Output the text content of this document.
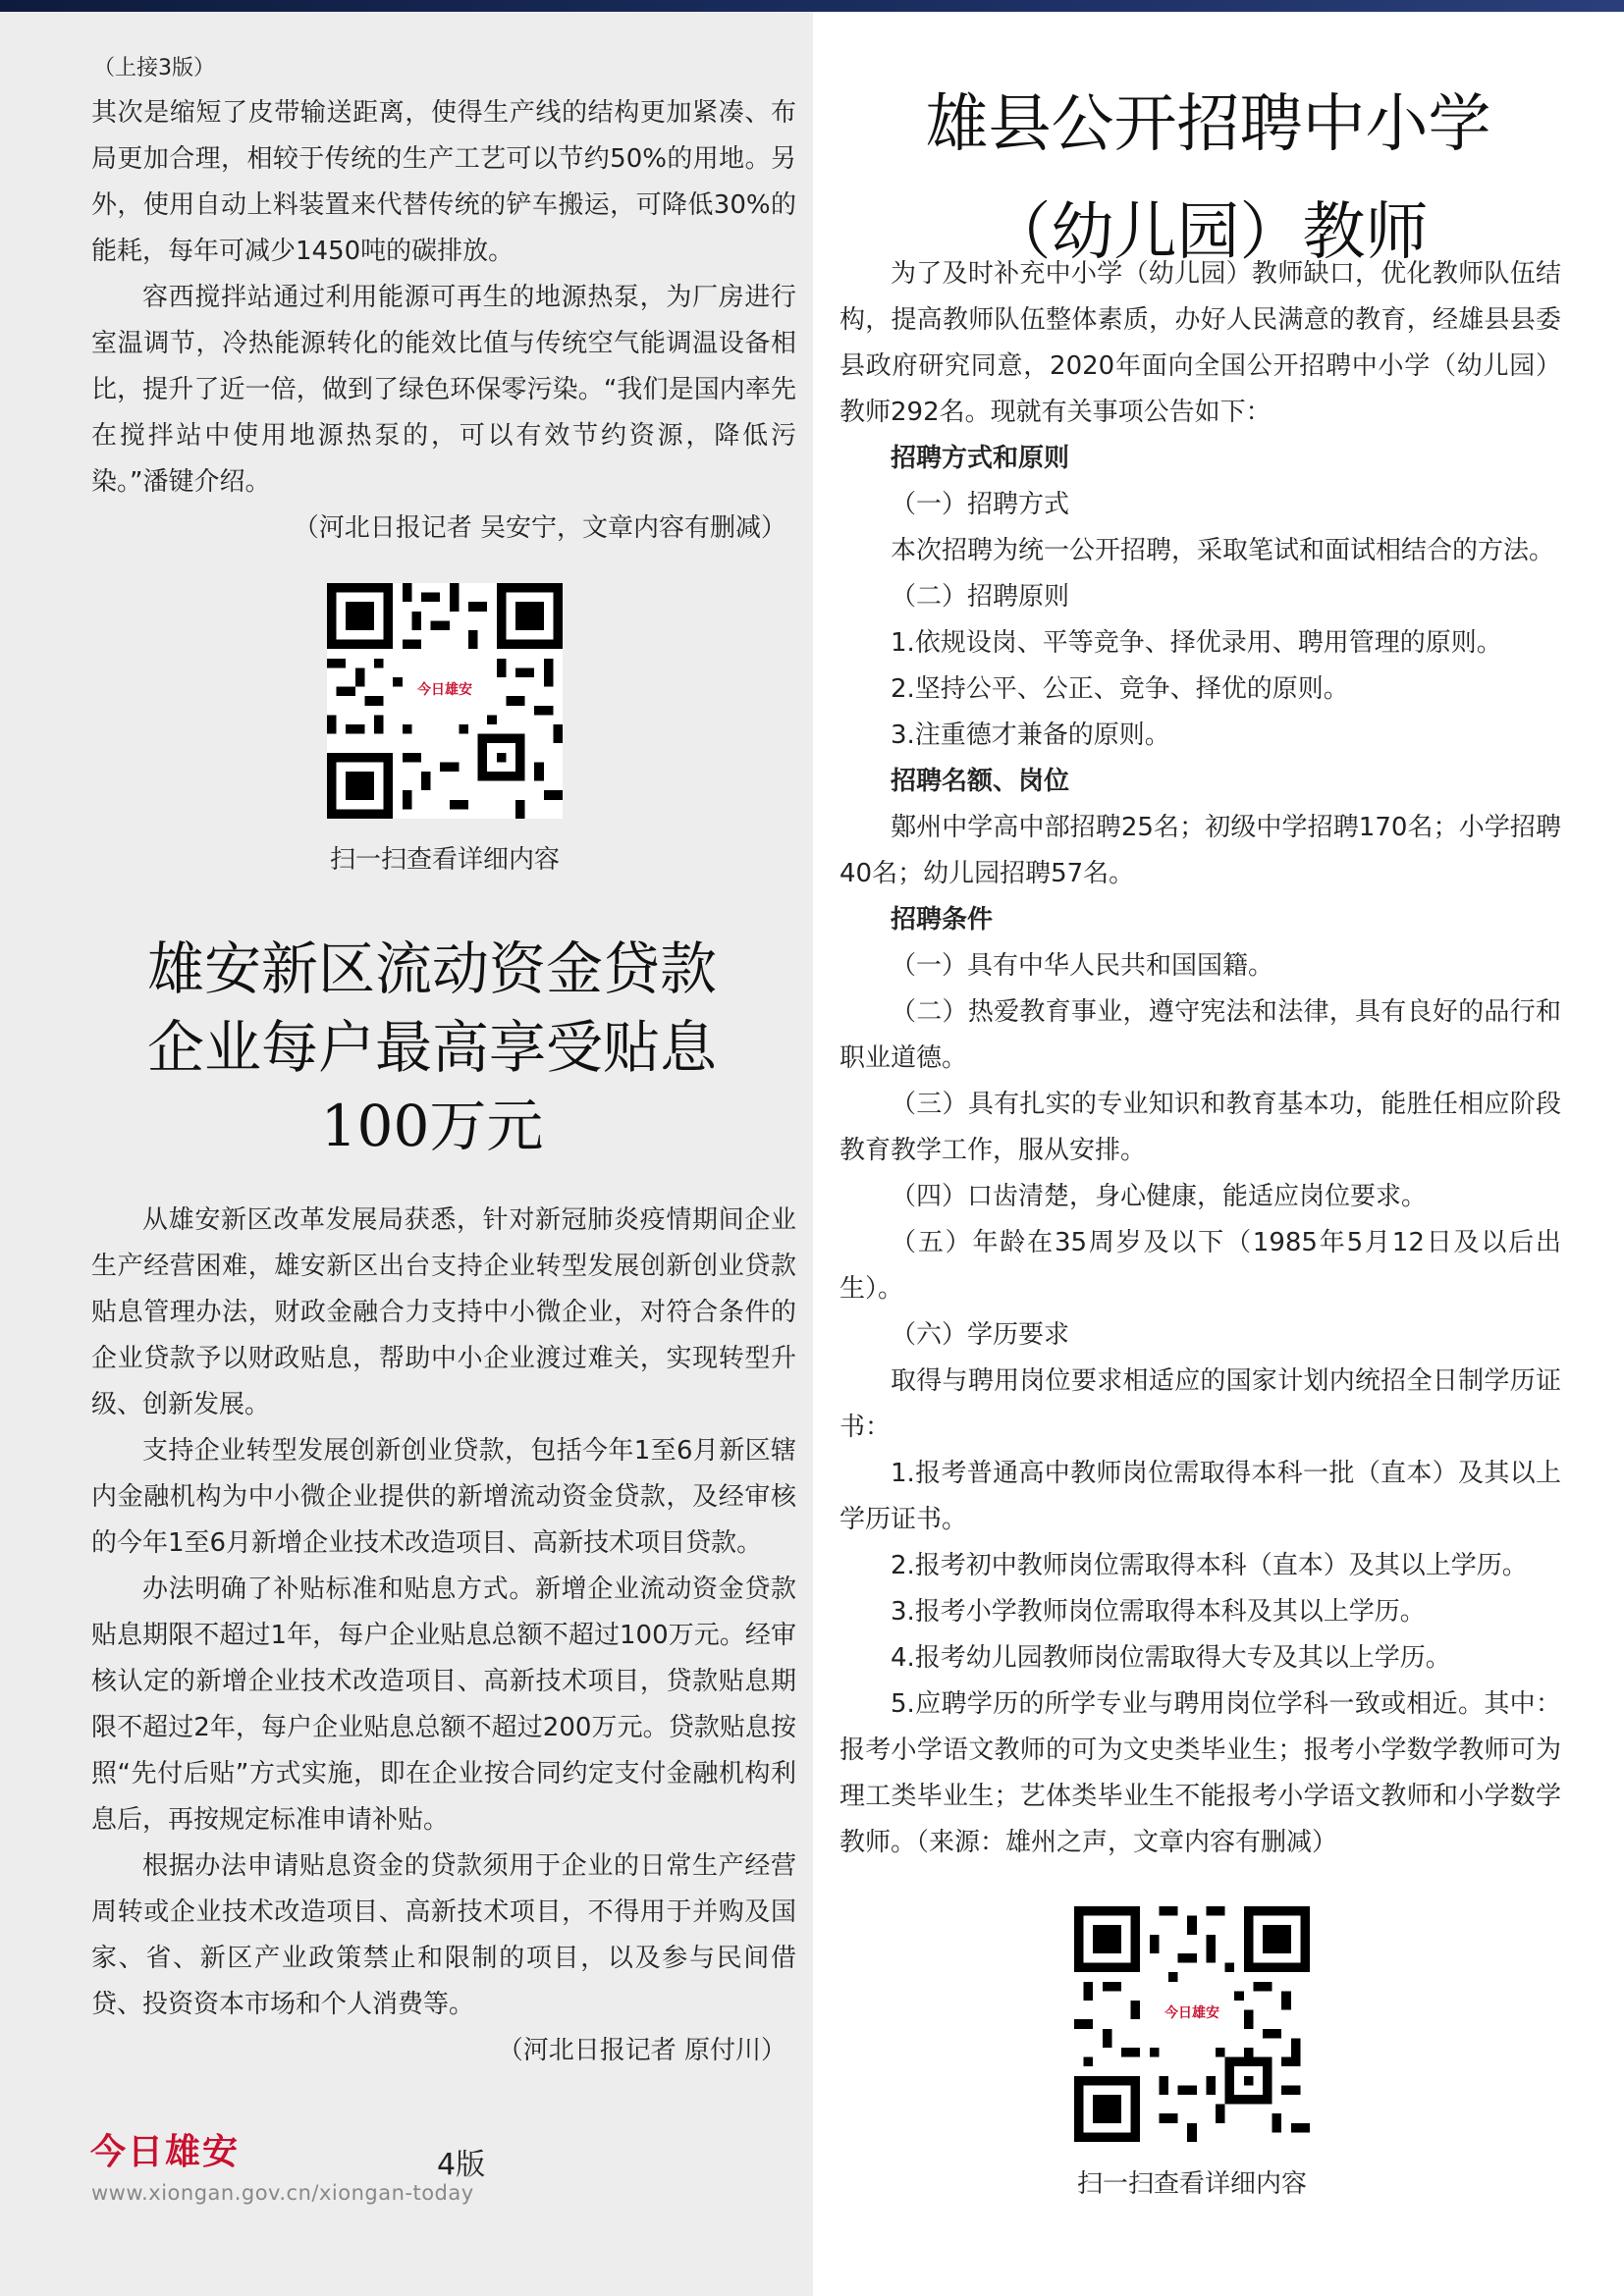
（上接3版）

其次是缩短了皮带输送距离，使得生产线的结构更加紧凑、布局更加合理，相较于传统的生产工艺可以节约50%的用地。另外，使用自动上料装置来代替传统的铲车搬运，可降低30%的能耗，每年可减少1450吨的碳排放。

容西搅拌站通过利用能源可再生的地源热泵，为厂房进行室温调节，冷热能源转化的能效比值与传统空气能调温设备相比，提升了近一倍，做到了绿色环保零污染。“我们是国内率先在搅拌站中使用地源热泵的，可以有效节约资源，降低污染。”潘键介绍。

（河北日报记者 吴安宁，文章内容有删减）

今日雄安

扫一扫查看详细内容

雄安新区流动资金贷款
企业每户最高享受贴息
100万元

从雄安新区改革发展局获悉，针对新冠肺炎疫情期间企业生产经营困难，雄安新区出台支持企业转型发展创新创业贷款贴息管理办法，财政金融合力支持中小微企业，对符合条件的企业贷款予以财政贴息，帮助中小企业渡过难关，实现转型升级、创新发展。

支持企业转型发展创新创业贷款，包括今年1至6月新区辖内金融机构为中小微企业提供的新增流动资金贷款，及经审核的今年1至6月新增企业技术改造项目、高新技术项目贷款。

办法明确了补贴标准和贴息方式。新增企业流动资金贷款贴息期限不超过1年，每户企业贴息总额不超过100万元。经审核认定的新增企业技术改造项目、高新技术项目，贷款贴息期限不超过2年，每户企业贴息总额不超过200万元。贷款贴息按照“先付后贴”方式实施，即在企业按合同约定支付金融机构利息后，再按规定标准申请补贴。

根据办法申请贴息资金的贷款须用于企业的日常生产经营周转或企业技术改造项目、高新技术项目，不得用于并购及国家、省、新区产业政策禁止和限制的项目，以及参与民间借贷、投资资本市场和个人消费等。

（河北日报记者 原付川）

今日雄安	4版
www.xiongan.gov.cn/xiongan-today
雄县公开招聘中小学
（幼儿园）教师

为了及时补充中小学（幼儿园）教师缺口，优化教师队伍结构，提高教师队伍整体素质，办好人民满意的教育，经雄县县委县政府研究同意，2020年面向全国公开招聘中小学（幼儿园）教师292名。现就有关事项公告如下：

招聘方式和原则

（一）招聘方式

本次招聘为统一公开招聘，采取笔试和面试相结合的方法。

（二）招聘原则

1.依规设岗、平等竞争、择优录用、聘用管理的原则。

2.坚持公平、公正、竞争、择优的原则。

3.注重德才兼备的原则。

招聘名额、岗位

鄚州中学高中部招聘25名；初级中学招聘170名；小学招聘40名；幼儿园招聘57名。

招聘条件

（一）具有中华人民共和国国籍。

（二）热爱教育事业，遵守宪法和法律，具有良好的品行和职业道德。

（三）具有扎实的专业知识和教育基本功，能胜任相应阶段教育教学工作，服从安排。

（四）口齿清楚，身心健康，能适应岗位要求。

（五）年龄在35周岁及以下（1985年5月12日及以后出生）。

（六）学历要求

取得与聘用岗位要求相适应的国家计划内统招全日制学历证书：

1.报考普通高中教师岗位需取得本科一批（直本）及其以上学历证书。

2.报考初中教师岗位需取得本科（直本）及其以上学历。

3.报考小学教师岗位需取得本科及其以上学历。

4.报考幼儿园教师岗位需取得大专及其以上学历。

5.应聘学历的所学专业与聘用岗位学科一致或相近。其中：报考小学语文教师的可为文史类毕业生；报考小学数学教师可为理工类毕业生；艺体类毕业生不能报考小学语文教师和小学数学教师。（来源：雄州之声，文章内容有删减）

今日雄安

扫一扫查看详细内容
